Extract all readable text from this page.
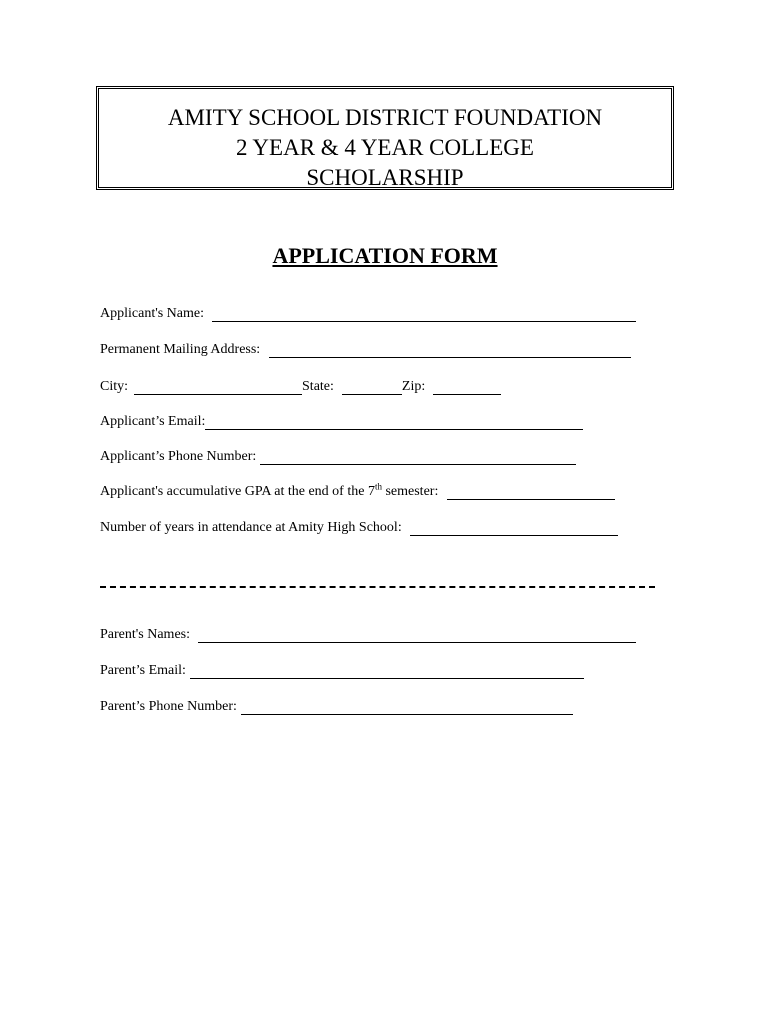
AMITY SCHOOL DISTRICT FOUNDATION
2 YEAR & 4 YEAR COLLEGE
SCHOLARSHIP
APPLICATION FORM
Applicant's Name:
Permanent Mailing Address:
City:	State:	Zip:
Applicant’s Email:
Applicant’s Phone Number:
Applicant's accumulative GPA at the end of the 7th semester:
Number of years in attendance at Amity High School:
Parent's Names:
Parent’s Email:
Parent’s Phone Number:
